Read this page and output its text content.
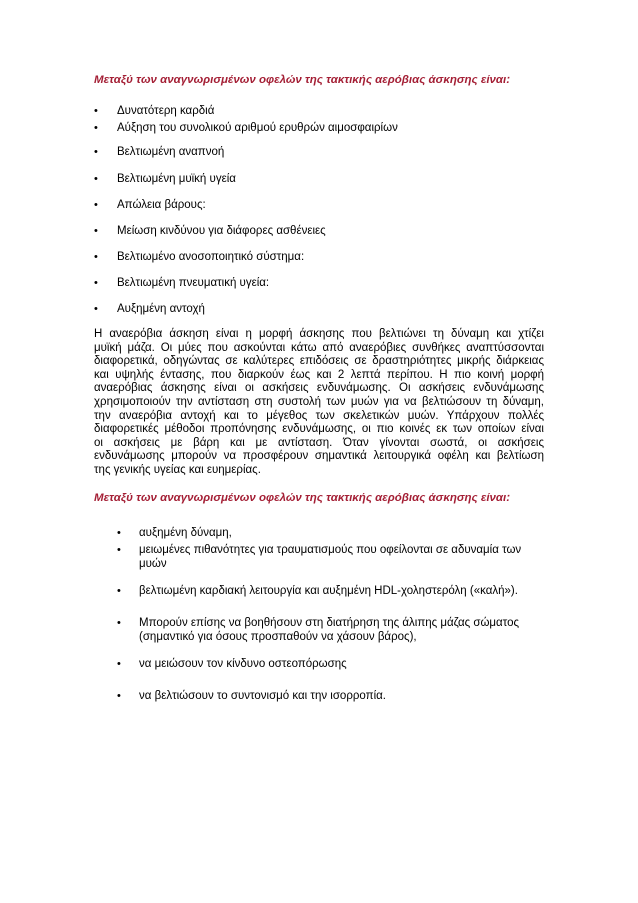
Μεταξύ των αναγνωρισμένων οφελών της τακτικής αερόβιας άσκησης είναι:
• Δυνατότερη καρδιά
• Αύξηση του συνολικού αριθμού ερυθρών αιμοσφαιρίων
• Βελτιωμένη αναπνοή
• Βελτιωμένη μυϊκή υγεία
• Απώλεια βάρους:
• Μείωση κινδύνου για διάφορες ασθένειες
• Βελτιωμένο ανοσοποιητικό σύστημα:
• Βελτιωμένη πνευματική υγεία:
• Αυξημένη αντοχή
Η αναερόβια άσκηση είναι η μορφή άσκησης που βελτιώνει τη δύναμη και χτίζει
μυϊκή μάζα. Οι μύες που ασκούνται κάτω από αναερόβιες συνθήκες αναπτύσσονται
διαφορετικά, οδηγώντας σε καλύτερες επιδόσεις σε δραστηριότητες μικρής διάρκειας
και υψηλής έντασης, που διαρκούν έως και 2 λεπτά περίπου. Η πιο κοινή μορφή
αναερόβιας άσκησης είναι οι ασκήσεις ενδυνάμωσης. Οι ασκήσεις ενδυνάμωσης
χρησιμοποιούν την αντίσταση στη συστολή των μυών για να βελτιώσουν τη δύναμη,
την αναερόβια αντοχή και το μέγεθος των σκελετικών μυών. Υπάρχουν πολλές
διαφορετικές μέθοδοι προπόνησης ενδυνάμωσης, οι πιο κοινές εκ των οποίων είναι
οι ασκήσεις με βάρη και με αντίσταση. Όταν γίνονται σωστά, οι ασκήσεις
ενδυνάμωσης μπορούν να προσφέρουν σημαντικά λειτουργικά οφέλη και βελτίωση
της γενικής υγείας και ευημερίας.
Μεταξύ των αναγνωρισμένων οφελών της τακτικής αερόβιας άσκησης είναι:
• αυξημένη δύναμη,
• μειωμένες πιθανότητες για τραυματισμούς που οφείλονται σε αδυναμία των
μυών
• βελτιωμένη καρδιακή λειτουργία και αυξημένη HDL-χοληστερόλη («καλή»).
• Μπορούν επίσης να βοηθήσουν στη διατήρηση της άλιπης μάζας σώματος
(σημαντικό για όσους προσπαθούν να χάσουν βάρος),
• να μειώσουν τον κίνδυνο οστεοπόρωσης
• να βελτιώσουν το συντονισμό και την ισορροπία.
